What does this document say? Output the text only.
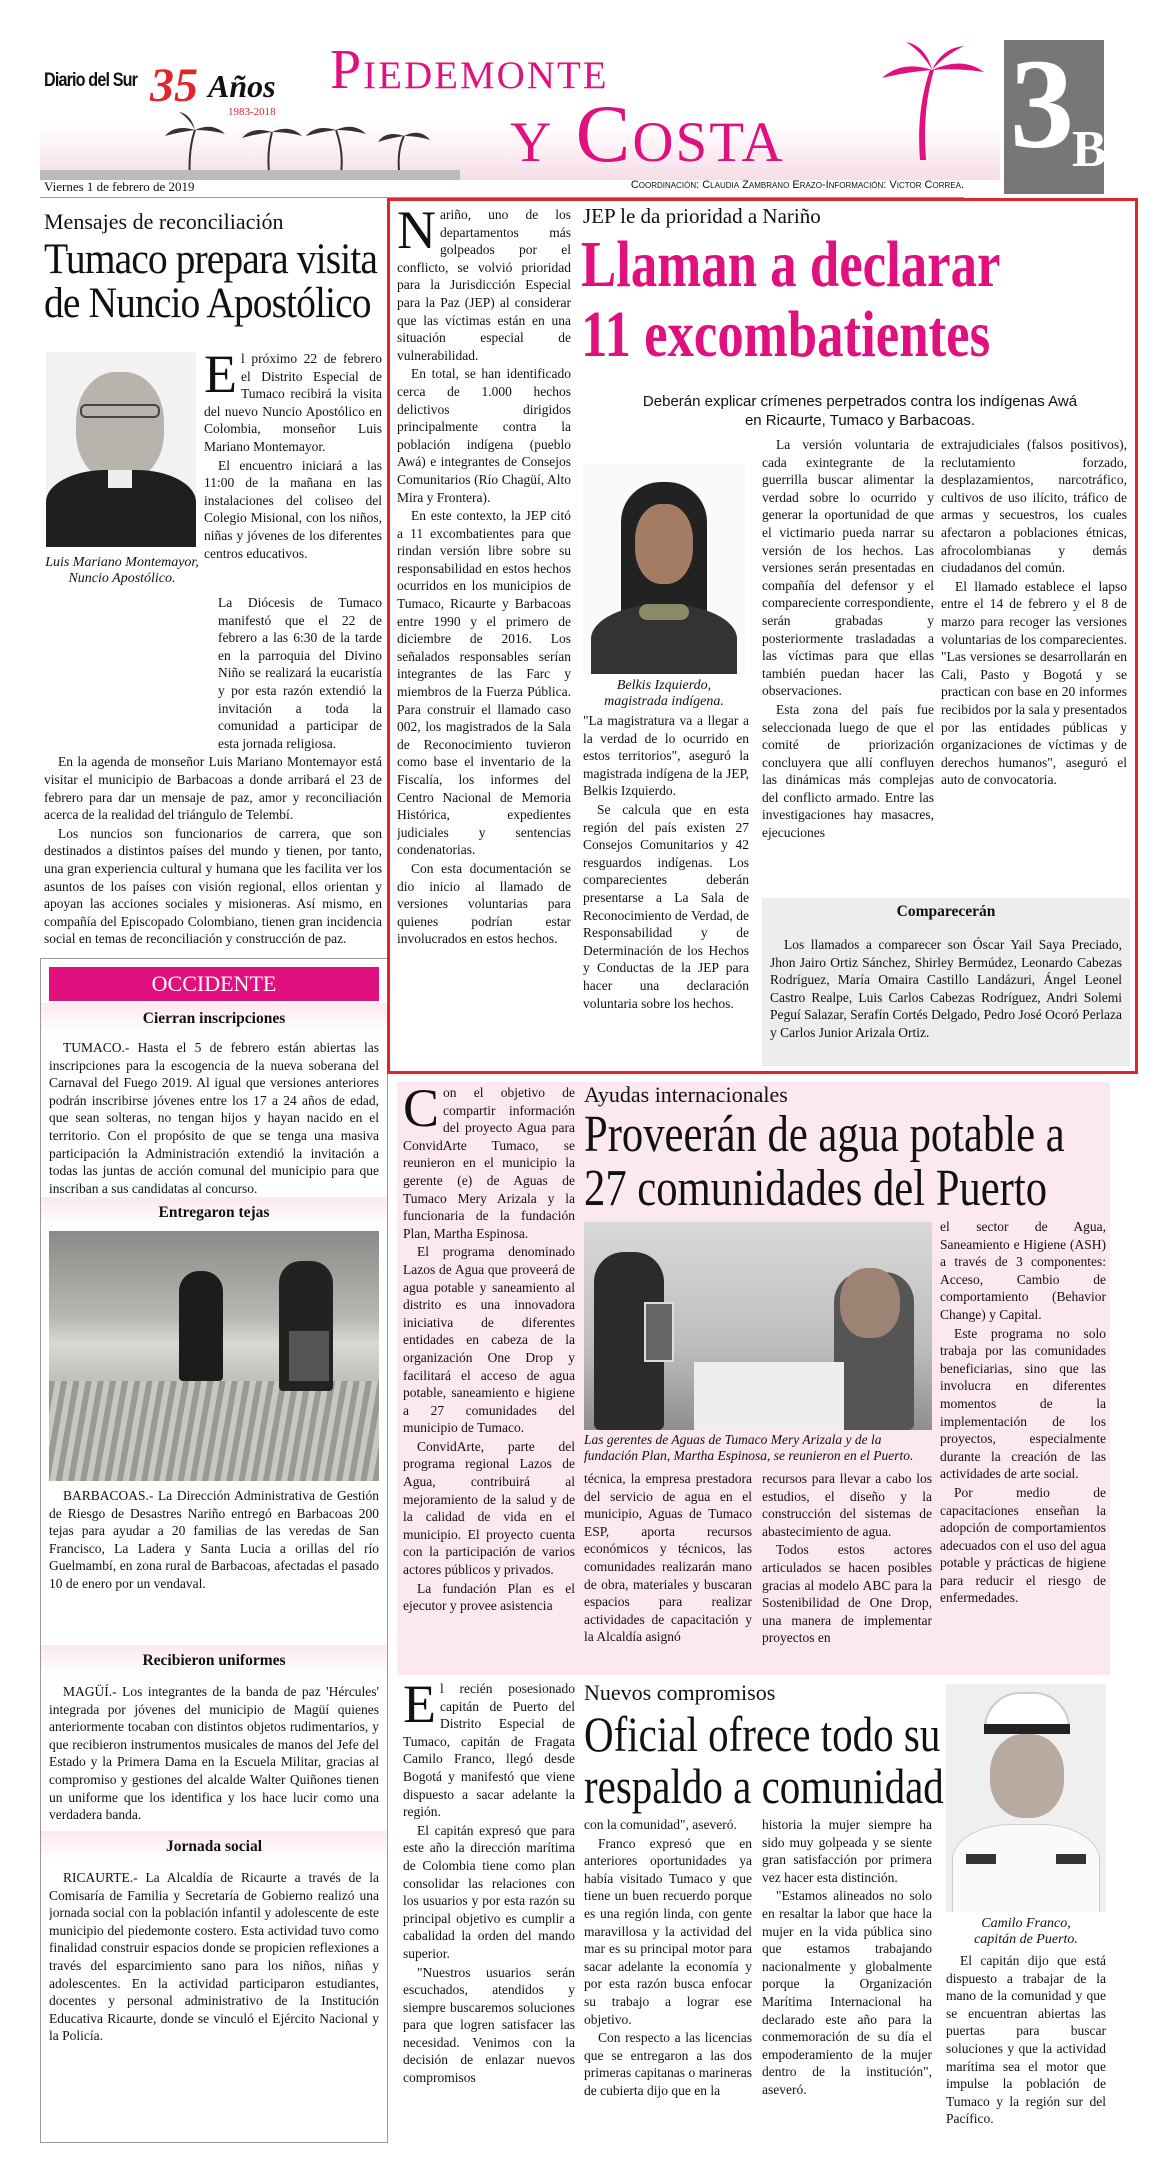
Diario del Sur 35 Años
1983-2018
Piedemonte
y Costa 3
B
Viernes 1 de febrero de 2019	Coordinación: Claudia Zambrano Erazo-Información: Victor Correa.
Mensajes de reconciliación
Tumaco prepara visita
de Nuncio Apostólico
Luis Mariano Montemayor, Nuncio Apostólico.

El próximo 22 de febrero el Distrito Especial de Tumaco recibirá la visita del nuevo Nuncio Apostólico en Colombia, monseñor Luis Mariano Montemayor.

El encuentro iniciará a las 11:00 de la mañana en las instalaciones del coliseo del Colegio Misional, con los niños, niñas y jóvenes de los diferentes centros educativos.

La Diócesis de Tumaco manifestó que el 22 de febrero a las 6:30 de la tarde en la parroquia del Divino Niño se realizará la eucaristía y por esta razón extendió la invitación a toda la comunidad a participar de esta jornada religiosa.

En la agenda de monseñor Luis Mariano Montemayor está visitar el municipio de Barbacoas a donde arribará el 23 de febrero para dar un mensaje de paz, amor y reconciliación acerca de la realidad del triángulo de Telembí.

Los nuncios son funcionarios de carrera, que son destinados a distintos países del mundo y tienen, por tanto, una gran experiencia cultural y humana que les facilita ver los asuntos de los países con visión regional, ellos orientan y apoyan las acciones sociales y misioneras. Así mismo, en compañía del Episcopado Colombiano, tienen gran incidencia social en temas de reconciliación y construcción de paz.

OCCIDENTE
Cierran inscripciones

TUMACO.- Hasta el 5 de febrero están abiertas las inscripciones para la escogencia de la nueva soberana del Carnaval del Fuego 2019. Al igual que versiones anteriores podrán inscribirse jóvenes entre los 17 a 24 años de edad, que sean solteras, no tengan hijos y hayan nacido en el territorio. Con el propósito de que se tenga una masiva participación la Administración extendió la invitación a todas las juntas de acción comunal del municipio para que inscriban a sus candidatas al concurso.

Entregaron tejas

BARBACOAS.- La Dirección Administrativa de Gestión de Riesgo de Desastres Nariño entregó en Barbacoas 200 tejas para ayudar a 20 familias de las veredas de San Francisco, La Ladera y Santa Lucia a orillas del río Guelmambí, en zona rural de Barbacoas, afectadas el pasado 10 de enero por un vendaval.

Recibieron uniformes

MAGÜÍ.- Los integrantes de la banda de paz 'Hércules' integrada por jóvenes del municipio de Magüí quienes anteriormente tocaban con distintos objetos rudimentarios, y que recibieron instrumentos musicales de manos del Jefe del Estado y la Primera Dama en la Escuela Militar, gracias al compromiso y gestiones del alcalde Walter Quiñones tienen un uniforme que los identifica y los hace lucir como una verdadera banda.

Jornada social

RICAURTE.- La Alcaldía de Ricaurte a través de la Comisaría de Familia y Secretaría de Gobierno realizó una jornada social con la población infantil y adolescente de este municipio del piedemonte costero. Esta actividad tuvo como finalidad construir espacios donde se propicien reflexiones a través del esparcimiento sano para los niños, niñas y adolescentes. En la actividad participaron estudiantes, docentes y personal administrativo de la Institución Educativa Ricaurte, donde se vinculó el Ejército Nacional y la Policía.

Nariño, uno de los departamentos más golpeados por el conflicto, se volvió prioridad para la Jurisdicción Especial para la Paz (JEP) al considerar que las víctimas están en una situación especial de vulnerabilidad.

En total, se han identificado cerca de 1.000 hechos delictivos dirigidos principalmente contra la población indígena (pueblo Awá) e integrantes de Consejos Comunitarios (Río Chagüí, Alto Mira y Frontera).

En este contexto, la JEP citó a 11 excombatientes para que rindan versión libre sobre su responsabilidad en estos hechos ocurridos en los municipios de Tumaco, Ricaurte y Barbacoas entre 1990 y el primero de diciembre de 2016. Los señalados responsables serían integrantes de las Farc y miembros de la Fuerza Pública. Para construir el llamado caso 002, los magistrados de la Sala de Reconocimiento tuvieron como base el inventario de la Fiscalía, los informes del Centro Nacional de Memoria Histórica, expedientes judiciales y sentencias condenatorias.

Con esta documentación se dio inicio al llamado de versiones voluntarias para quienes podrían estar involucrados en estos hechos.

JEP le da prioridad a Nariño
Llaman a declarar
11 excombatientes
Deberán explicar crímenes perpetrados contra los indígenas Awá
en Ricaurte, Tumaco y Barbacoas.
Belkis Izquierdo, magistrada indígena.

"La magistratura va a llegar a la verdad de lo ocurrido en estos territorios", aseguró la magistrada indígena de la JEP, Belkis Izquierdo.

Se calcula que en esta región del país existen 27 Consejos Comunitarios y 42 resguardos indígenas. Los comparecientes deberán presentarse a La Sala de Reconocimiento de Verdad, de Responsabilidad y de Determinación de los Hechos y Conductas de la JEP para hacer una declaración voluntaria sobre los hechos.

La versión voluntaria de cada exintegrante de la guerrilla buscar alimentar la verdad sobre lo ocurrido y generar la oportunidad de que el victimario pueda narrar su versión de los hechos. Las versiones serán presentadas en compañía del defensor y el compareciente correspondiente, serán grabadas y posteriormente trasladadas a las víctimas para que ellas también puedan hacer las observaciones.

Esta zona del país fue seleccionada luego de que el comité de priorización concluyera que allí confluyen las dinámicas más complejas del conflicto armado. Entre las investigaciones hay masacres, ejecuciones

extrajudiciales (falsos positivos), reclutamiento forzado, desplazamientos, narcotráfico, cultivos de uso ilícito, tráfico de armas y secuestros, los cuales afectaron a poblaciones étnicas, afrocolombianas y demás ciudadanos del común.

El llamado establece el lapso entre el 14 de febrero y el 8 de marzo para recoger las versiones voluntarias de los comparecientes. "Las versiones se desarrollarán en Cali, Pasto y Bogotá y se practican con base en 20 informes recibidos por la sala y presentados por las entidades públicas y organizaciones de víctimas y de derechos humanos", aseguró el auto de convocatoria.

Comparecerán

Los llamados a comparecer son Óscar Yail Saya Preciado, Jhon Jairo Ortiz Sánchez, Shirley Bermúdez, Leonardo Cabezas Rodríguez, María Omaira Castillo Landázuri, Ángel Leonel Castro Realpe, Luis Carlos Cabezas Rodríguez, Andri Solemi Peguí Salazar, Serafín Cortés Delgado, Pedro José Ocoró Perlaza y Carlos Junior Arizala Ortiz.

Con el objetivo de compartir información del proyecto Agua para ConvidArte Tumaco, se reunieron en el municipio la gerente (e) de Aguas de Tumaco Mery Arizala y la funcionaria de la fundación Plan, Martha Espinosa.

El programa denominado Lazos de Agua que proveerá de agua potable y saneamiento al distrito es una innovadora iniciativa de diferentes entidades en cabeza de la organización One Drop y facilitará el acceso de agua potable, saneamiento e higiene a 27 comunidades del municipio de Tumaco.

ConvidArte, parte del programa regional Lazos de Agua, contribuirá al mejoramiento de la salud y de la calidad de vida en el municipio. El proyecto cuenta con la participación de varios actores públicos y privados.

La fundación Plan es el ejecutor y provee asistencia

Ayudas internacionales
Proveerán de agua potable a
27 comunidades del Puerto
Las gerentes de Aguas de Tumaco Mery Arizala y de la fundación Plan, Martha Espinosa, se reunieron en el Puerto.

técnica, la empresa prestadora del servicio de agua en el municipio, Aguas de Tumaco ESP, aporta recursos económicos y técnicos, las comunidades realizarán mano de obra, materiales y buscaran espacios para realizar actividades de capacitación y la Alcaldía asignó

recursos para llevar a cabo los estudios, el diseño y la construcción del sistemas de abastecimiento de agua.

Todos estos actores articulados se hacen posibles gracias al modelo ABC para la Sostenibilidad de One Drop, una manera de implementar proyectos en

el sector de Agua, Saneamiento e Higiene (ASH) a través de 3 componentes: Acceso, Cambio de comportamiento (Behavior Change) y Capital.

Este programa no solo trabaja por las comunidades beneficiarias, sino que las involucra en diferentes momentos de la implementación de los proyectos, especialmente durante la creación de las actividades de arte social.

Por medio de capacitaciones enseñan la adopción de comportamientos adecuados con el uso del agua potable y prácticas de higiene para reducir el riesgo de enfermedades.

El recién posesionado capitán de Puerto del Distrito Especial de Tumaco, capitán de Fragata Camilo Franco, llegó desde Bogotá y manifestó que viene dispuesto a sacar adelante la región.

El capitán expresó que para este año la dirección marítima de Colombia tiene como plan consolidar las relaciones con los usuarios y por esta razón su principal objetivo es cumplir a cabalidad la orden del mando superior.

"Nuestros usuarios serán escuchados, atendidos y siempre buscaremos soluciones para que logren satisfacer las necesidad. Venimos con la decisión de enlazar nuevos compromisos

Nuevos compromisos
Oficial ofrece todo su
respaldo a comunidad

con la comunidad", aseveró.

Franco expresó que en anteriores oportunidades ya había visitado Tumaco y que tiene un buen recuerdo porque es una región linda, con gente maravillosa y la actividad del mar es su principal motor para sacar adelante la economía y por esta razón busca enfocar su trabajo a lograr ese objetivo.

Con respecto a las licencias que se entregaron a las dos primeras capitanas o marineras de cubierta dijo que en la

historia la mujer siempre ha sido muy golpeada y se siente gran satisfacción por primera vez hacer esta distinción.

"Estamos alineados no solo en resaltar la labor que hace la mujer en la vida pública sino que estamos trabajando nacionalmente y globalmente porque la Organización Marítima Internacional ha declarado este año para la conmemoración de su día el empoderamiento de la mujer dentro de la institución", aseveró.

Camilo Franco, capitán de Puerto.

El capitán dijo que está dispuesto a trabajar de la mano de la comunidad y que se encuentran abiertas las puertas para buscar soluciones y que la actividad marítima sea el motor que impulse la población de Tumaco y la región sur del Pacífico.
